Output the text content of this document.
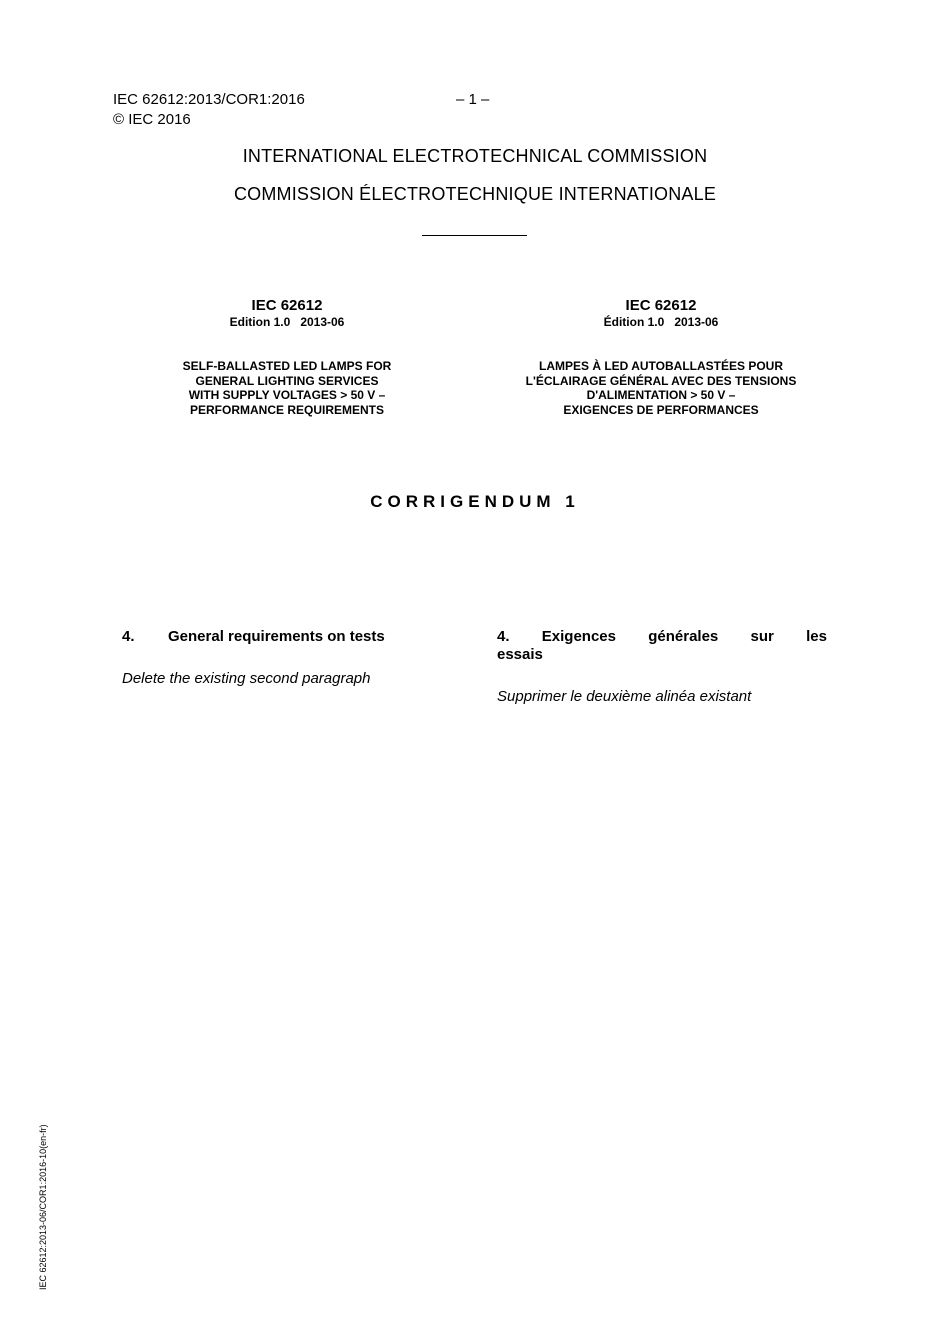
IEC 62612:2013/COR1:2016
© IEC 2016
– 1 –
INTERNATIONAL ELECTROTECHNICAL COMMISSION
COMMISSION ÉLECTROTECHNIQUE INTERNATIONALE
IEC 62612
Edition 1.0   2013-06
SELF-BALLASTED LED LAMPS FOR
GENERAL LIGHTING SERVICES
WITH SUPPLY VOLTAGES > 50 V –
PERFORMANCE REQUIREMENTS
IEC 62612
Édition 1.0   2013-06
LAMPES À LED AUTOBALLASTÉES POUR
L'ÉCLAIRAGE GÉNÉRAL AVEC DES TENSIONS
D'ALIMENTATION > 50 V –
EXIGENCES DE PERFORMANCES
CORRIGENDUM 1
4. General requirements on tests
Delete the existing second paragraph
4. Exigences générales sur les
essais
Supprimer le deuxième alinéa existant
IEC 62612:2013-06/COR1:2016-10(en-fr)
